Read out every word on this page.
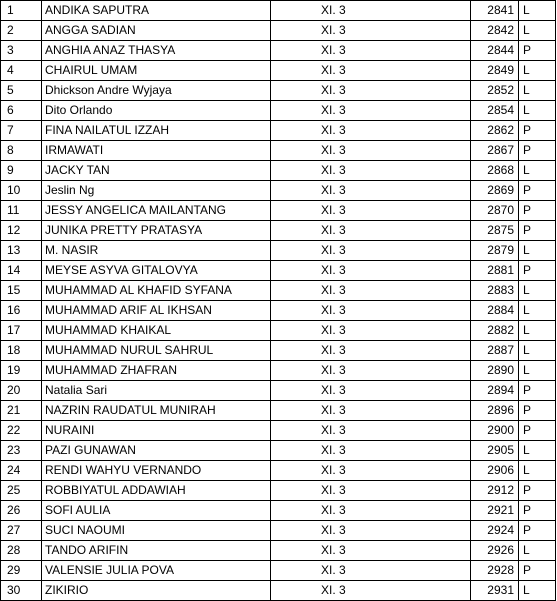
1	ANDIKA SAPUTRA	XI. 3	2841	L
2	ANGGA SADIAN	XI. 3	2842	L
3	ANGHIA ANAZ THASYA	XI. 3	2844	P
4	CHAIRUL UMAM	XI. 3	2849	L
5	Dhickson Andre Wyjaya	XI. 3	2852	L
6	Dito Orlando	XI. 3	2854	L
7	FINA NAILATUL IZZAH	XI. 3	2862	P
8	IRMAWATI	XI. 3	2867	P
9	JACKY TAN	XI. 3	2868	L
10	Jeslin Ng	XI. 3	2869	P
11	JESSY ANGELICA MAILANTANG	XI. 3	2870	P
12	JUNIKA PRETTY PRATASYA	XI. 3	2875	P
13	M. NASIR	XI. 3	2879	L
14	MEYSE ASYVA GITALOVYA	XI. 3	2881	P
15	MUHAMMAD AL KHAFID SYFANA	XI. 3	2883	L
16	MUHAMMAD ARIF AL IKHSAN	XI. 3	2884	L
17	MUHAMMAD KHAIKAL	XI. 3	2882	L
18	MUHAMMAD NURUL SAHRUL	XI. 3	2887	L
19	MUHAMMAD ZHAFRAN	XI. 3	2890	L
20	Natalia Sari	XI. 3	2894	P
21	NAZRIN RAUDATUL MUNIRAH	XI. 3	2896	P
22	NURAINI	XI. 3	2900	P
23	PAZI GUNAWAN	XI. 3	2905	L
24	RENDI WAHYU VERNANDO	XI. 3	2906	L
25	ROBBIYATUL ADDAWIAH	XI. 3	2912	P
26	SOFI AULIA	XI. 3	2921	P
27	SUCI NAOUMI	XI. 3	2924	P
28	TANDO ARIFIN	XI. 3	2926	L
29	VALENSIE JULIA POVA	XI. 3	2928	P
30	ZIKIRIO	XI. 3	2931	L
